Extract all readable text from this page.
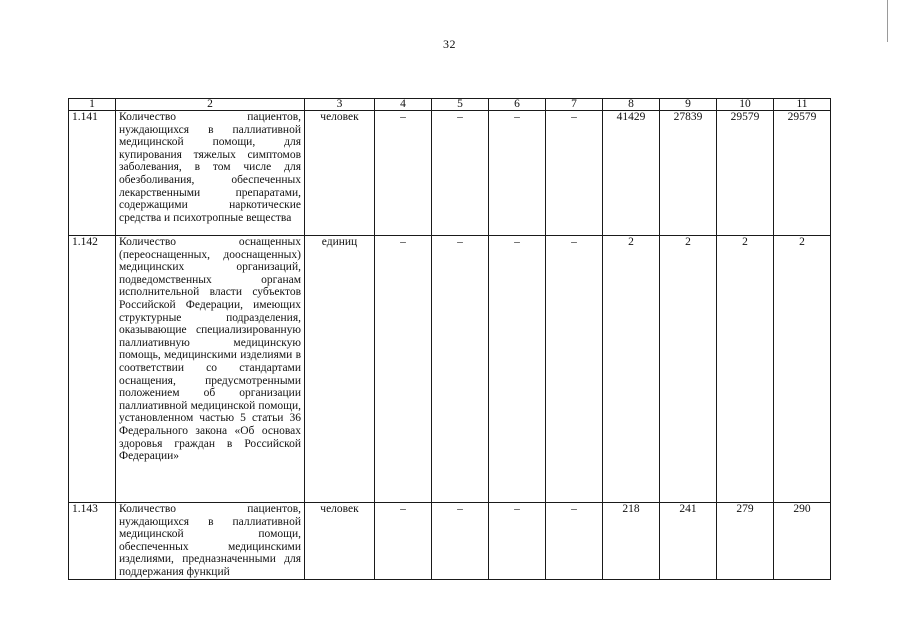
32
1	2	3	4	5	6	7	8	9	10	11
1.141	Количество пациентов, нуждающихся в паллиативной медицинской помощи, для купирования тяжелых симптомов заболевания, в том числе для обезболивания, обеспеченных лекарственными препаратами, содержащими наркотические средства и психотропные вещества	человек	–	–	–	–	41429	27839	29579	29579
1.142	Количество оснащенных (переоснащенных, дооснащенных) медицинских организаций, подведомственных органам исполнительной власти субъектов Российской Федерации, имеющих структурные подразделения, оказывающие специализированную паллиативную медицинскую помощь, медицинскими изделиями в соответствии со стандартами оснащения, предусмотренными положением об организации паллиативной медицинской помощи, установленном частью 5 статьи 36 Федерального закона «Об основах здоровья граждан в Российской Федерации»	единиц	–	–	–	–	2	2	2	2
1.143	Количество пациентов, нуждающихся в паллиативной медицинской помощи, обеспеченных медицинскими изделиями, предназначенными для поддержания функций	человек	–	–	–	–	218	241	279	290
